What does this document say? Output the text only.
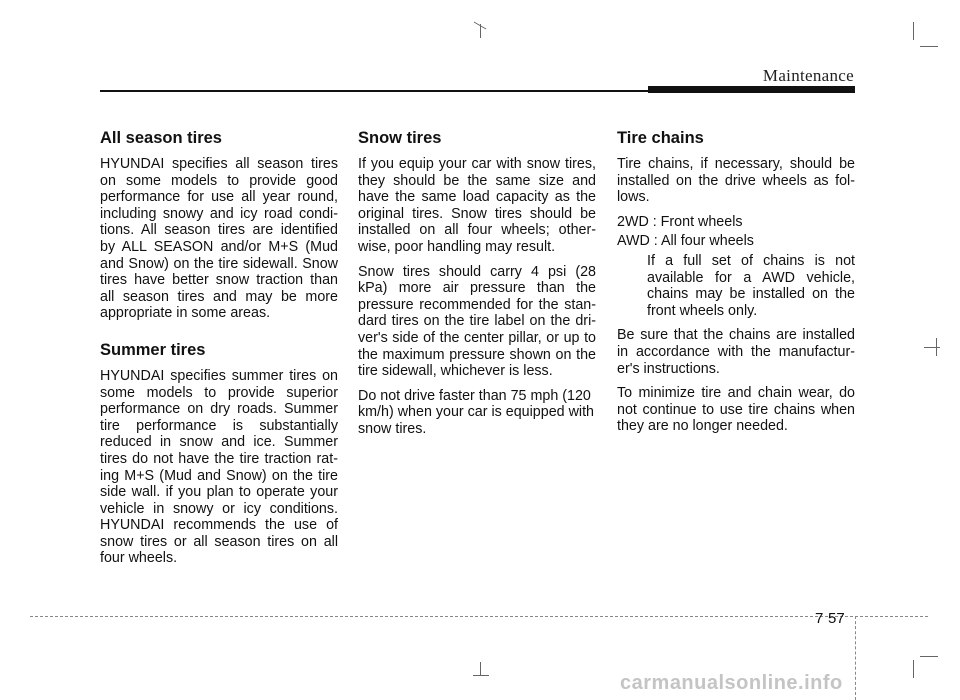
Maintenance
All season tires

HYUNDAI specifies all season tires on some models to provide good performance for use all year round, including snowy and icy road condi-tions. All season tires are identified by ALL SEASON and/or M+S (Mud and Snow) on the tire sidewall. Snow tires have better snow traction than all season tires and may be more appropriate in some areas.

Summer tires

HYUNDAI specifies summer tires on some models to provide superior performance on dry roads. Summer tire performance is substantially reduced in snow and ice. Summer tires do not have the tire traction rat-ing M+S (Mud and Snow) on the tire side wall. if you plan to operate your vehicle in snowy or icy conditions. HYUNDAI recommends the use of snow tires or all season tires on all four wheels.

Snow tires

If you equip your car with snow tires, they should be the same size and have the same load capacity as the original tires. Snow tires should be installed on all four wheels; other-wise, poor handling may result.

Snow tires should carry 4 psi (28 kPa) more air pressure than the pressure recommended for the stan-dard tires on the tire label on the dri-ver's side of the center pillar, or up to the maximum pressure shown on the tire sidewall, whichever is less.

Do not drive faster than 75 mph (120 km/h) when your car is equipped with snow tires.

Tire chains

Tire chains, if necessary, should be installed on the drive wheels as fol-lows.

2WD : Front wheels

AWD : All four wheels

If a full set of chains is not available for a AWD vehicle, chains may be installed on the front wheels only.

Be sure that the chains are installed in accordance with the manufactur-er's instructions.

To minimize tire and chain wear, do not continue to use tire chains when they are no longer needed.

7 57
carmanualsonline.info
